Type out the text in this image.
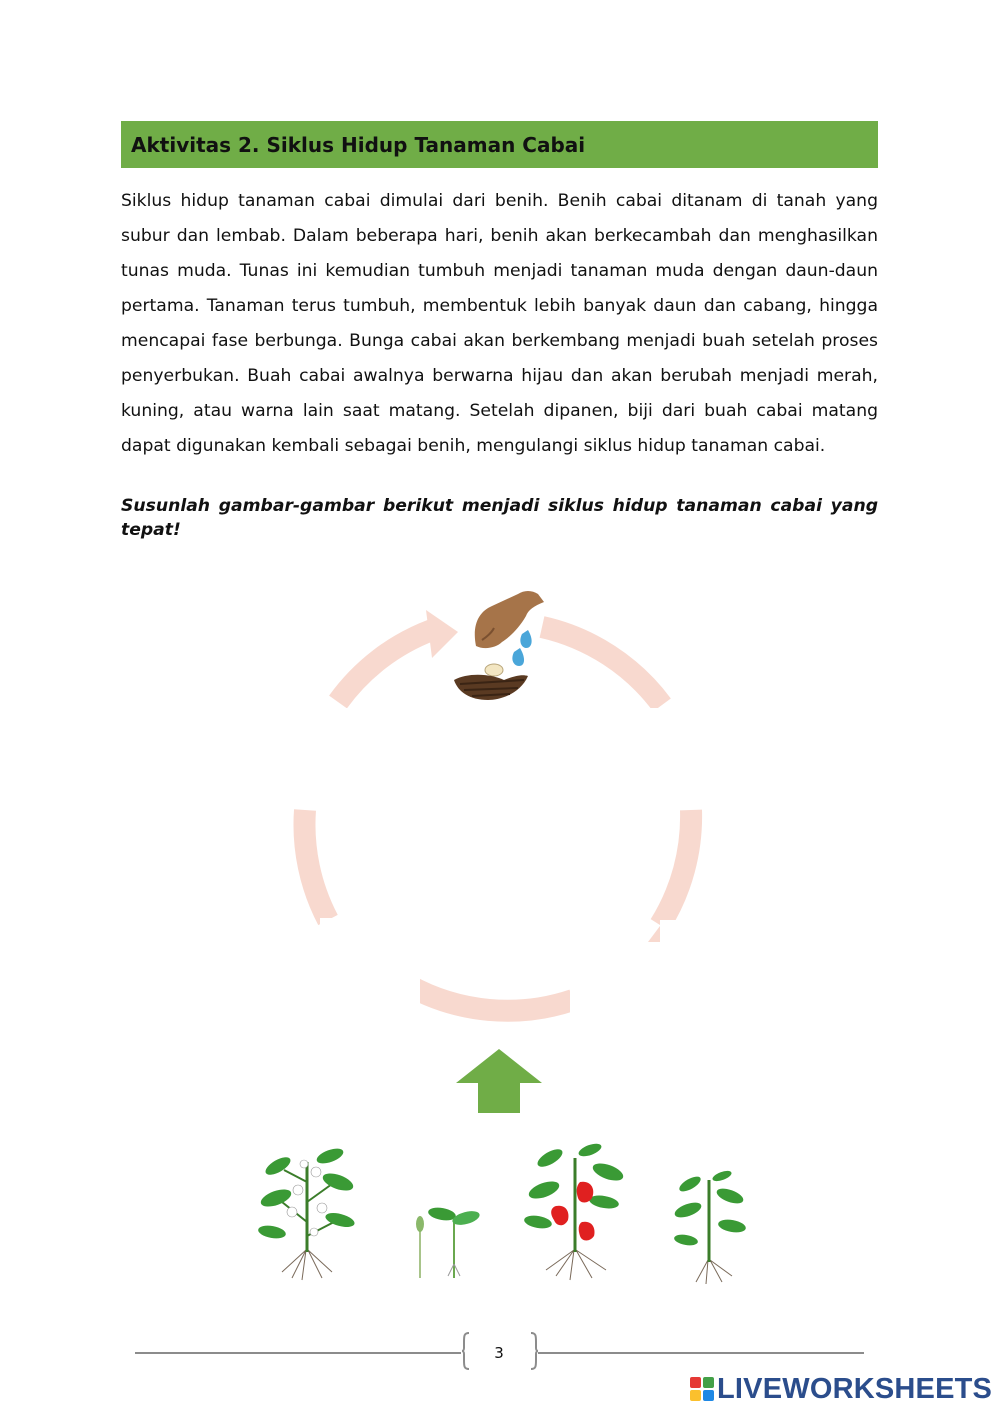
Aktivitas 2. Siklus Hidup Tanaman Cabai

Siklus hidup tanaman cabai dimulai dari benih. Benih cabai ditanam di tanah yang subur dan lembab. Dalam beberapa hari, benih akan berkecambah dan menghasilkan tunas muda. Tunas ini kemudian tumbuh menjadi tanaman muda dengan daun-daun pertama. Tanaman terus tumbuh, membentuk lebih banyak daun dan cabang, hingga mencapai fase berbunga. Bunga cabai akan berkembang menjadi buah setelah proses penyerbukan. Buah cabai awalnya berwarna hijau dan akan berubah menjadi merah, kuning, atau warna lain saat matang. Setelah dipanen, biji dari buah cabai matang dapat digunakan kembali sebagai benih, mengulangi siklus hidup tanaman cabai.

Susunlah gambar-gambar berikut menjadi siklus hidup tanaman cabai yang tepat!

3
LIVEWORKSHEETS
